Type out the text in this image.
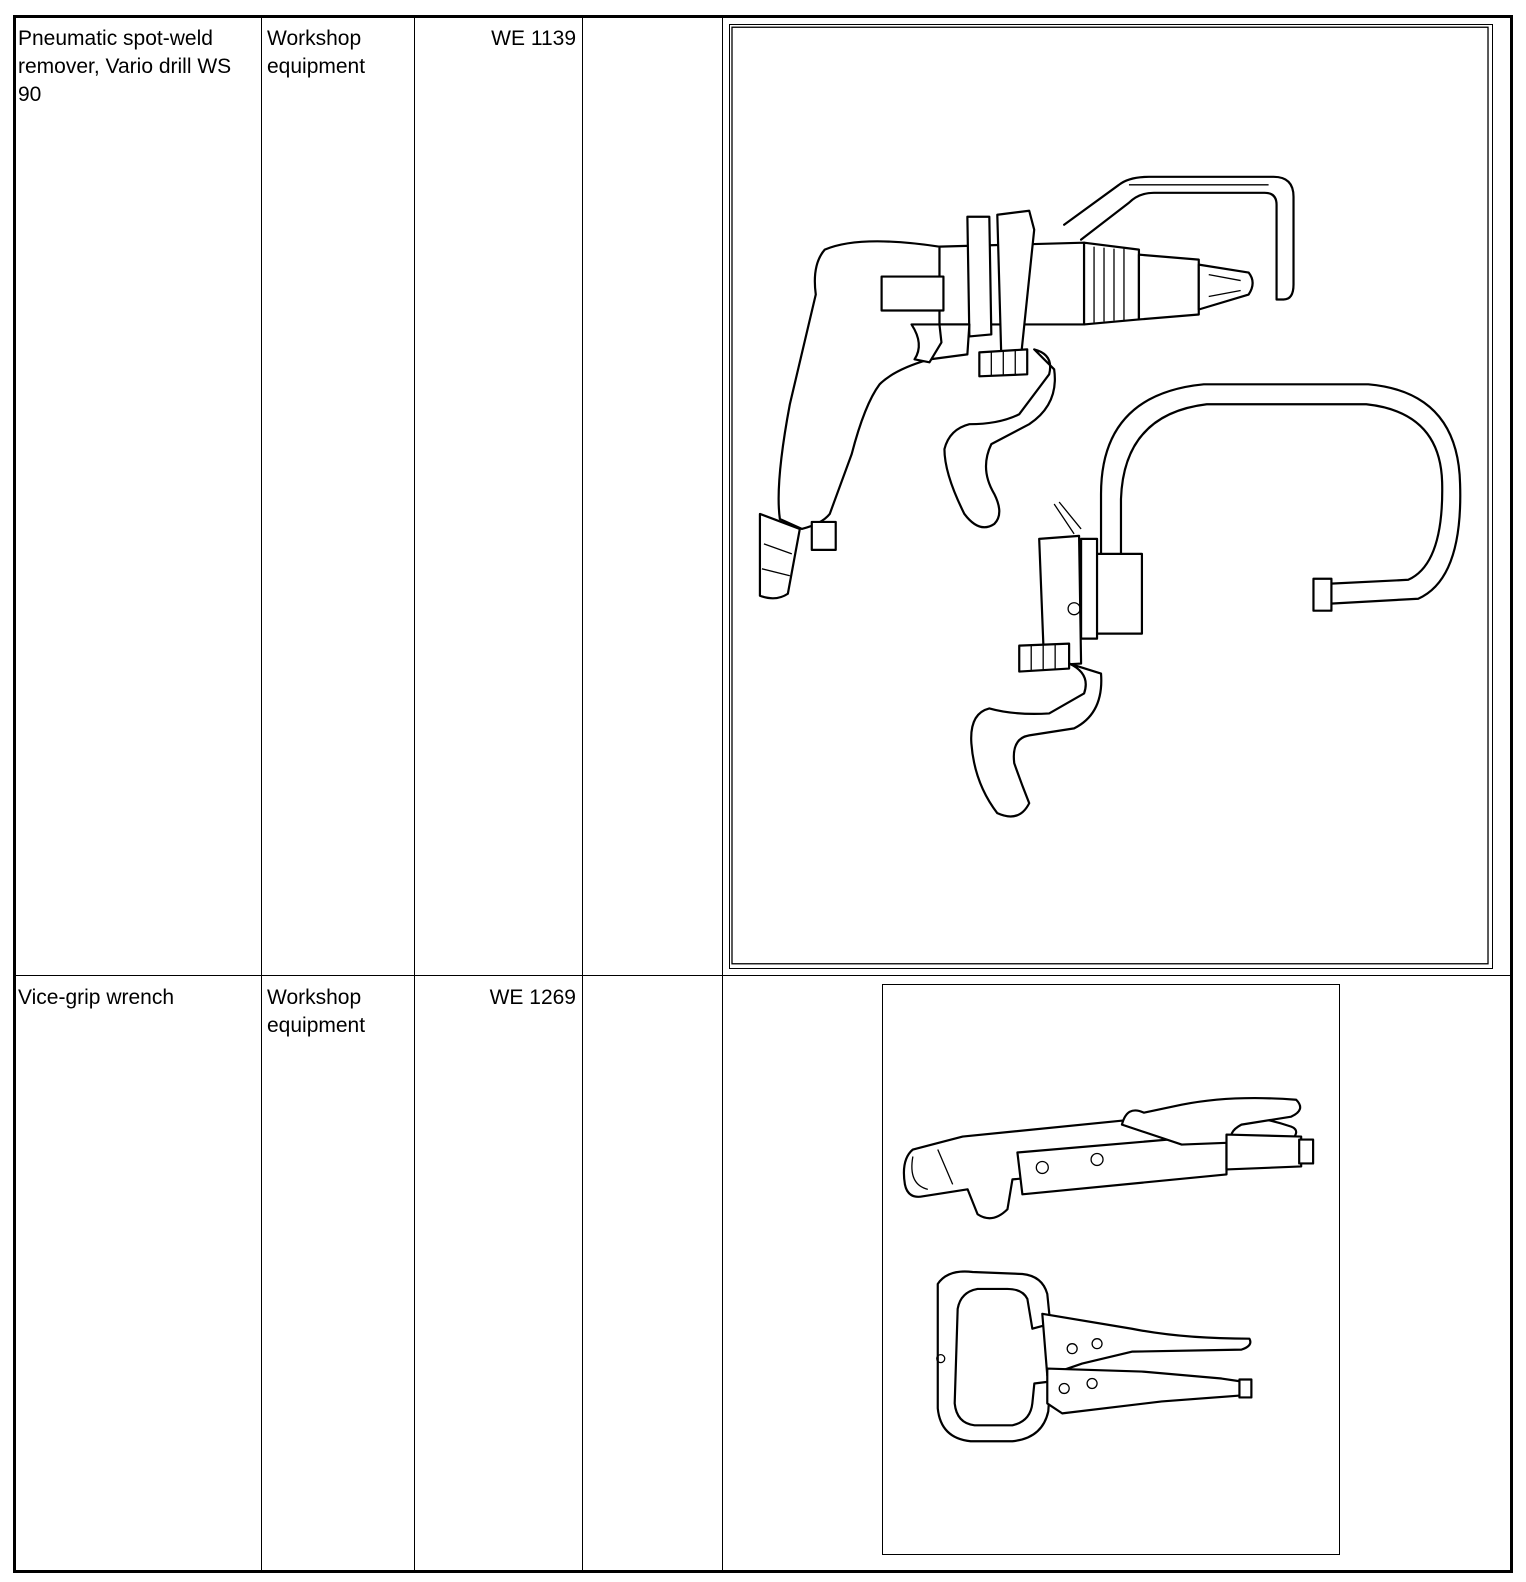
Pneumatic spot-weld remover, Vario drill WS 90
Workshop equipment
WE 1139
Vice-grip wrench	Workshop equipment
WE 1269
